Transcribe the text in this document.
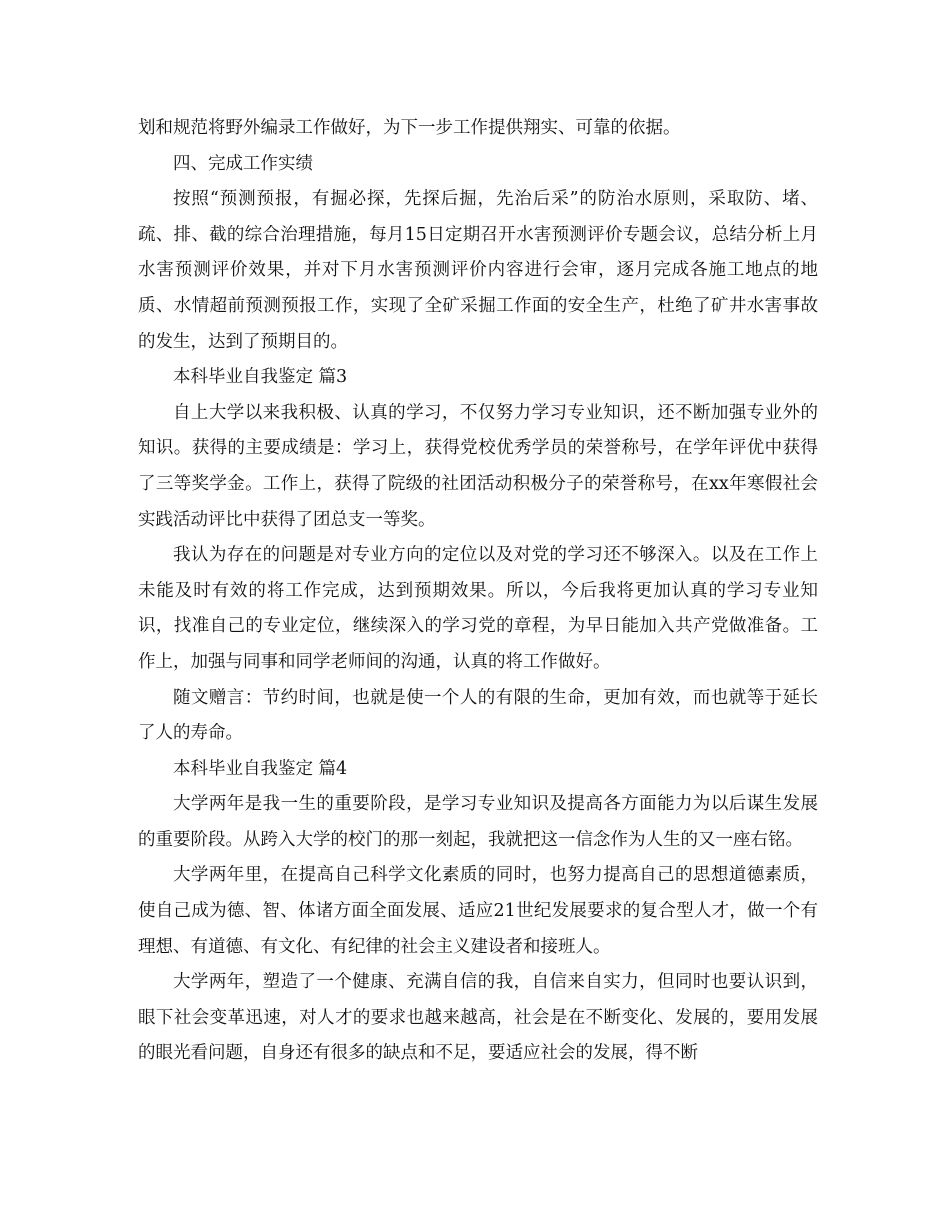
划和规范将野外编录工作做好，为下一步工作提供翔实、可靠的依据。

四、完成工作实绩

按照“预测预报，有掘必探，先探后掘，先治后采”的防治水原则，采取防、堵、疏、排、截的综合治理措施，每月15日定期召开水害预测评价专题会议，总结分析上月水害预测评价效果，并对下月水害预测评价内容进行会审，逐月完成各施工地点的地质、水情超前预测预报工作，实现了全矿采掘工作面的安全生产，杜绝了矿井水害事故的发生，达到了预期目的。

本科毕业自我鉴定 篇3

自上大学以来我积极、认真的学习，不仅努力学习专业知识，还不断加强专业外的知识。获得的主要成绩是：学习上，获得党校优秀学员的荣誉称号，在学年评优中获得了三等奖学金。工作上，获得了院级的社团活动积极分子的荣誉称号，在xx年寒假社会实践活动评比中获得了团总支一等奖。

我认为存在的问题是对专业方向的定位以及对党的学习还不够深入。以及在工作上未能及时有效的将工作完成，达到预期效果。所以，今后我将更加认真的学习专业知识，找准自己的专业定位，继续深入的学习党的章程，为早日能加入共产党做准备。工作上，加强与同事和同学老师间的沟通，认真的将工作做好。

随文赠言：节约时间，也就是使一个人的有限的生命，更加有效，而也就等于延长了人的寿命。

本科毕业自我鉴定 篇4

大学两年是我一生的重要阶段，是学习专业知识及提高各方面能力为以后谋生发展的重要阶段。从跨入大学的校门的那一刻起，我就把这一信念作为人生的又一座右铭。

大学两年里，在提高自己科学文化素质的同时，也努力提高自己的思想道德素质，使自己成为德、智、体诸方面全面发展、适应21世纪发展要求的复合型人才，做一个有理想、有道德、有文化、有纪律的社会主义建设者和接班人。

大学两年，塑造了一个健康、充满自信的我，自信来自实力，但同时也要认识到，眼下社会变革迅速，对人才的要求也越来越高，社会是在不断变化、发展的，要用发展的眼光看问题，自身还有很多的缺点和不足，要适应社会的发展，得不断
